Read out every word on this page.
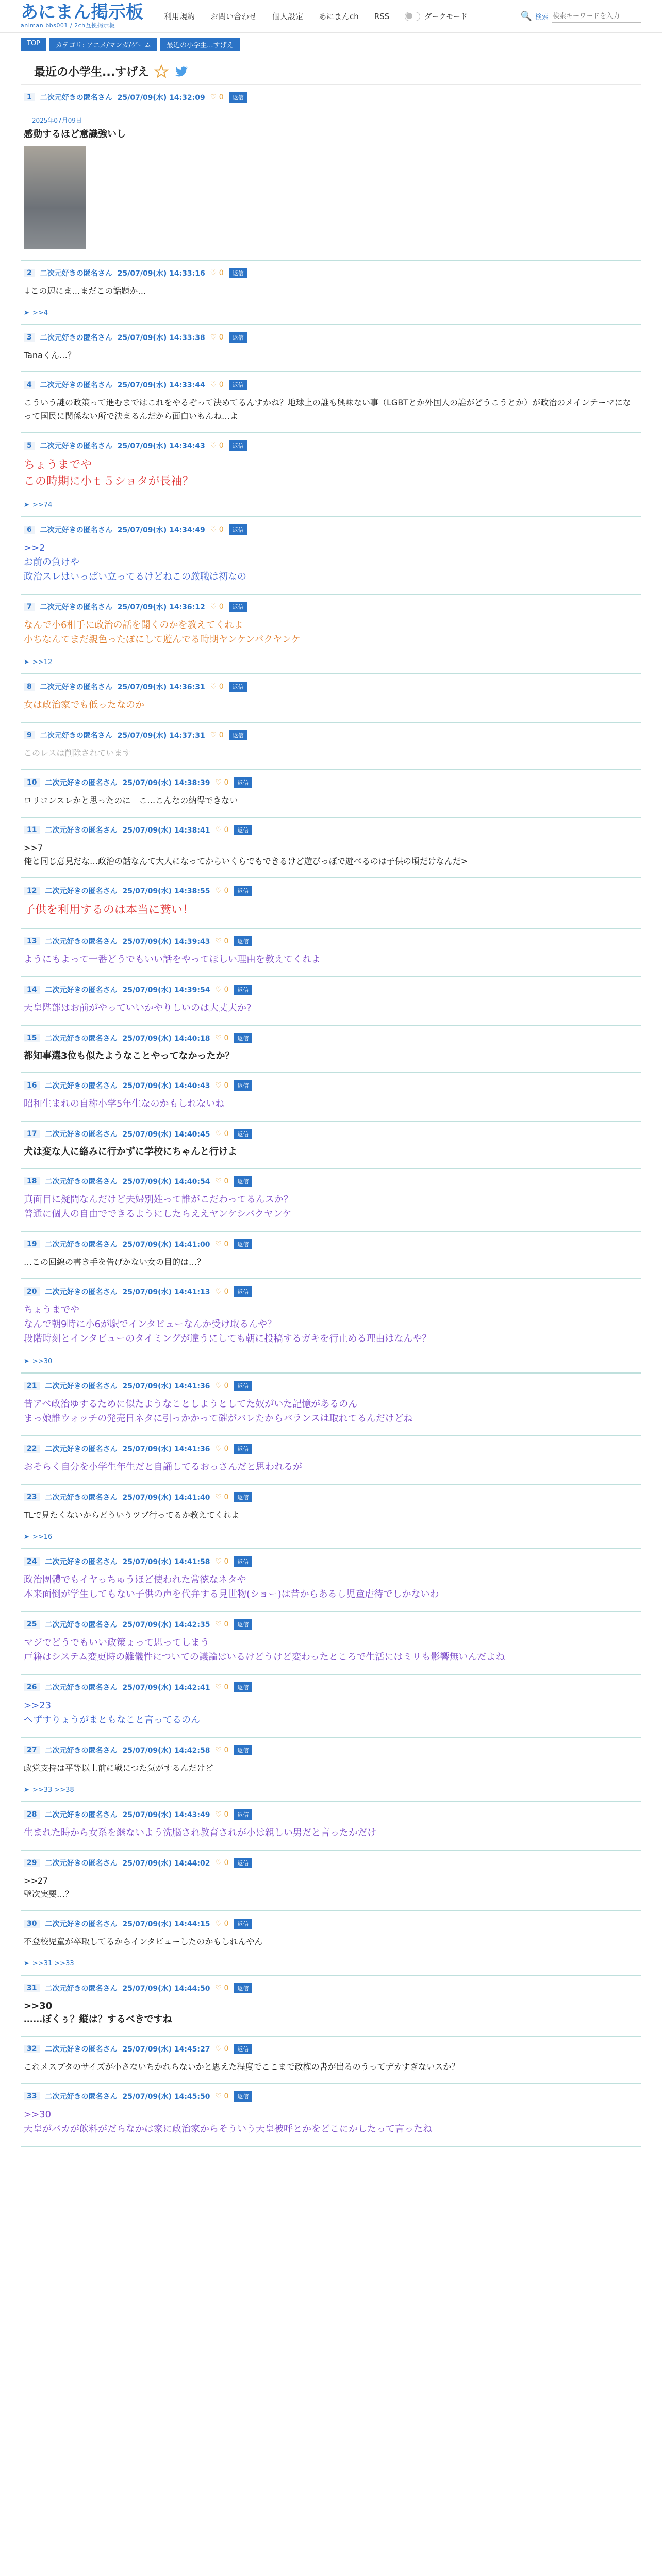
あにまん掲示板
animan bbs001 / 2ch互換掲示板
利用規約 お問い合わせ 個人設定 あにまんch RSS	ダークモード	🔍 検索
検索キーワードを入力
TOP	カテゴリ: アニメ/マンガ/ゲーム	最近の小学生...すげえ
最近の小学生...すげえ
1	二次元好きの匿名さん 25/07/09(水) 14:32:09 ♡ 0	返信
— 2025年07月09日
感動するほど意識強いし
2	二次元好きの匿名さん 25/07/09(水) 14:33:16 ♡ 0	返信
↓この辺にま…まだこの話題か…
➤ >>4
3	二次元好きの匿名さん 25/07/09(水) 14:33:38 ♡ 0	返信
Tanaくん…？
4	二次元好きの匿名さん 25/07/09(水) 14:33:44 ♡ 0	返信
こういう謎の政策って進むまではこれをやるぞって決めてるんすかね？地球上の誰も興味ない事（LGBTとか外国人の誰がどうこうとか）が政治のメインテーマになって国民に関係ない所で決まるんだから面白いもんね…よ
5	二次元好きの匿名さん 25/07/09(水) 14:34:43 ♡ 0	返信
ちょうまでや
この時期に小ｔ５ショタが長袖？
➤ >>74
6	二次元好きの匿名さん 25/07/09(水) 14:34:49 ♡ 0	返信
>>2
お前の負けや
政治スレはいっぱい立ってるけどねこの厳職は初なの
7	二次元好きの匿名さん 25/07/09(水) 14:36:12 ♡ 0	返信
なんで小6相手に政治の話を聞くのかを教えてくれよ
小ちなんてまだ親色ったぽにして遊んでる時期ヤンケンパクヤンケ
➤ >>12
8	二次元好きの匿名さん 25/07/09(水) 14:36:31 ♡ 0	返信
女は政治家でも低ったなのか
9	二次元好きの匿名さん 25/07/09(水) 14:37:31 ♡ 0	返信
このレスは削除されています
10	二次元好きの匿名さん 25/07/09(水) 14:38:39 ♡ 0	返信
ロリコンスレかと思ったのに　こ…こんなの納得できない
11	二次元好きの匿名さん 25/07/09(水) 14:38:41 ♡ 0	返信
>>7
俺と同じ意見だな…政治の話なんて大人になってからいくらでもできるけど遊びっぽで遊べるのは子供の頃だけなんだ>
12	二次元好きの匿名さん 25/07/09(水) 14:38:55 ♡ 0	返信
子供を利用するのは本当に糞い！
13	二次元好きの匿名さん 25/07/09(水) 14:39:43 ♡ 0	返信
ようにもよって一番どうでもいい話をやってほしい理由を教えてくれよ
14	二次元好きの匿名さん 25/07/09(水) 14:39:54 ♡ 0	返信
天皇陛部はお前がやっていいかやりしいのは大丈夫か?
15	二次元好きの匿名さん 25/07/09(水) 14:40:18 ♡ 0	返信
都知事選3位も似たようなことやってなかったか？
16	二次元好きの匿名さん 25/07/09(水) 14:40:43 ♡ 0	返信
昭和生まれの自称小学5年生なのかもしれないね
17	二次元好きの匿名さん 25/07/09(水) 14:40:45 ♡ 0	返信
犬は変な人に絡みに行かずに学校にちゃんと行けよ
18	二次元好きの匿名さん 25/07/09(水) 14:40:54 ♡ 0	返信
真面目に疑問なんだけど夫婦別姓って誰がこだわってるんスか？
普通に個人の自由でできるようにしたらええヤンケシバクヤンケ
19	二次元好きの匿名さん 25/07/09(水) 14:41:00 ♡ 0	返信
…この回線の書き手を告げかない女の目的は…？
20	二次元好きの匿名さん 25/07/09(水) 14:41:13 ♡ 0	返信
ちょうまでや
なんで朝9時に小6が駅でインタビューなんか受け取るんや？
段階時刻とインタビューのタイミングが違うにしても朝に投稿するガキを行止める理由はなんや？
➤ >>30
21	二次元好きの匿名さん 25/07/09(水) 14:41:36 ♡ 0	返信
昔アベ政治ゆするために似たようなことしようとしてた奴がいた記憶があるのん
まっ娘誰ウォッチの発売日ネタに引っかかって確がバレたからバランスは取れてるんだけどね
22	二次元好きの匿名さん 25/07/09(水) 14:41:36 ♡ 0	返信
おそらく自分を小学生年生だと自誦してるおっさんだと思われるが
23	二次元好きの匿名さん 25/07/09(水) 14:41:40 ♡ 0	返信
TLで見たくないからどういうツブ行ってるか教えてくれよ
➤ >>16
24	二次元好きの匿名さん 25/07/09(水) 14:41:58 ♡ 0	返信
政治團體でもイヤっちゅうほど使われた常徳なネタや
本来面倒が学生してもない子供の声を代弁する見世物(ショー)は昔からあるし児童虐待でしかないわ
25	二次元好きの匿名さん 25/07/09(水) 14:42:35 ♡ 0	返信
マジでどうでもいい政策ょって思ってしまう
戸籍はシステム変更時の難儀性についての議論はいるけどうけど変わったところで生活にはミリも影響無いんだよね
26	二次元好きの匿名さん 25/07/09(水) 14:42:41 ♡ 0	返信
>>23
へずすりょうがまともなこと言ってるのん
27	二次元好きの匿名さん 25/07/09(水) 14:42:58 ♡ 0	返信
政党支持は平等以上前に戦につた気がするんだけど
➤ >>33 >>38
28	二次元好きの匿名さん 25/07/09(水) 14:43:49 ♡ 0	返信
生まれた時から女系を継ないよう洗脳され教育されが小は親しい男だと言ったかだけ
29	二次元好きの匿名さん 25/07/09(水) 14:44:02 ♡ 0	返信
>>27
壁次実要…？
30	二次元好きの匿名さん 25/07/09(水) 14:44:15 ♡ 0	返信
不登校児童が卒取してるからインタビューしたのかもしれんやん
➤ >>31 >>33
31	二次元好きの匿名さん 25/07/09(水) 14:44:50 ♡ 0	返信
>>30
……ぼくぅ？縦は？するべきですね
32	二次元好きの匿名さん 25/07/09(水) 14:45:27 ♡ 0	返信
これメスブタのサイズが小さないちかれらないかと思えた程度でここまで政権の書が出るのうってデカすぎないスか？
33	二次元好きの匿名さん 25/07/09(水) 14:45:50 ♡ 0	返信
>>30
天皇がバカが飲料がだらなかは家に政治家からそういう天皇被呼とかをどこにかしたって言ったね
